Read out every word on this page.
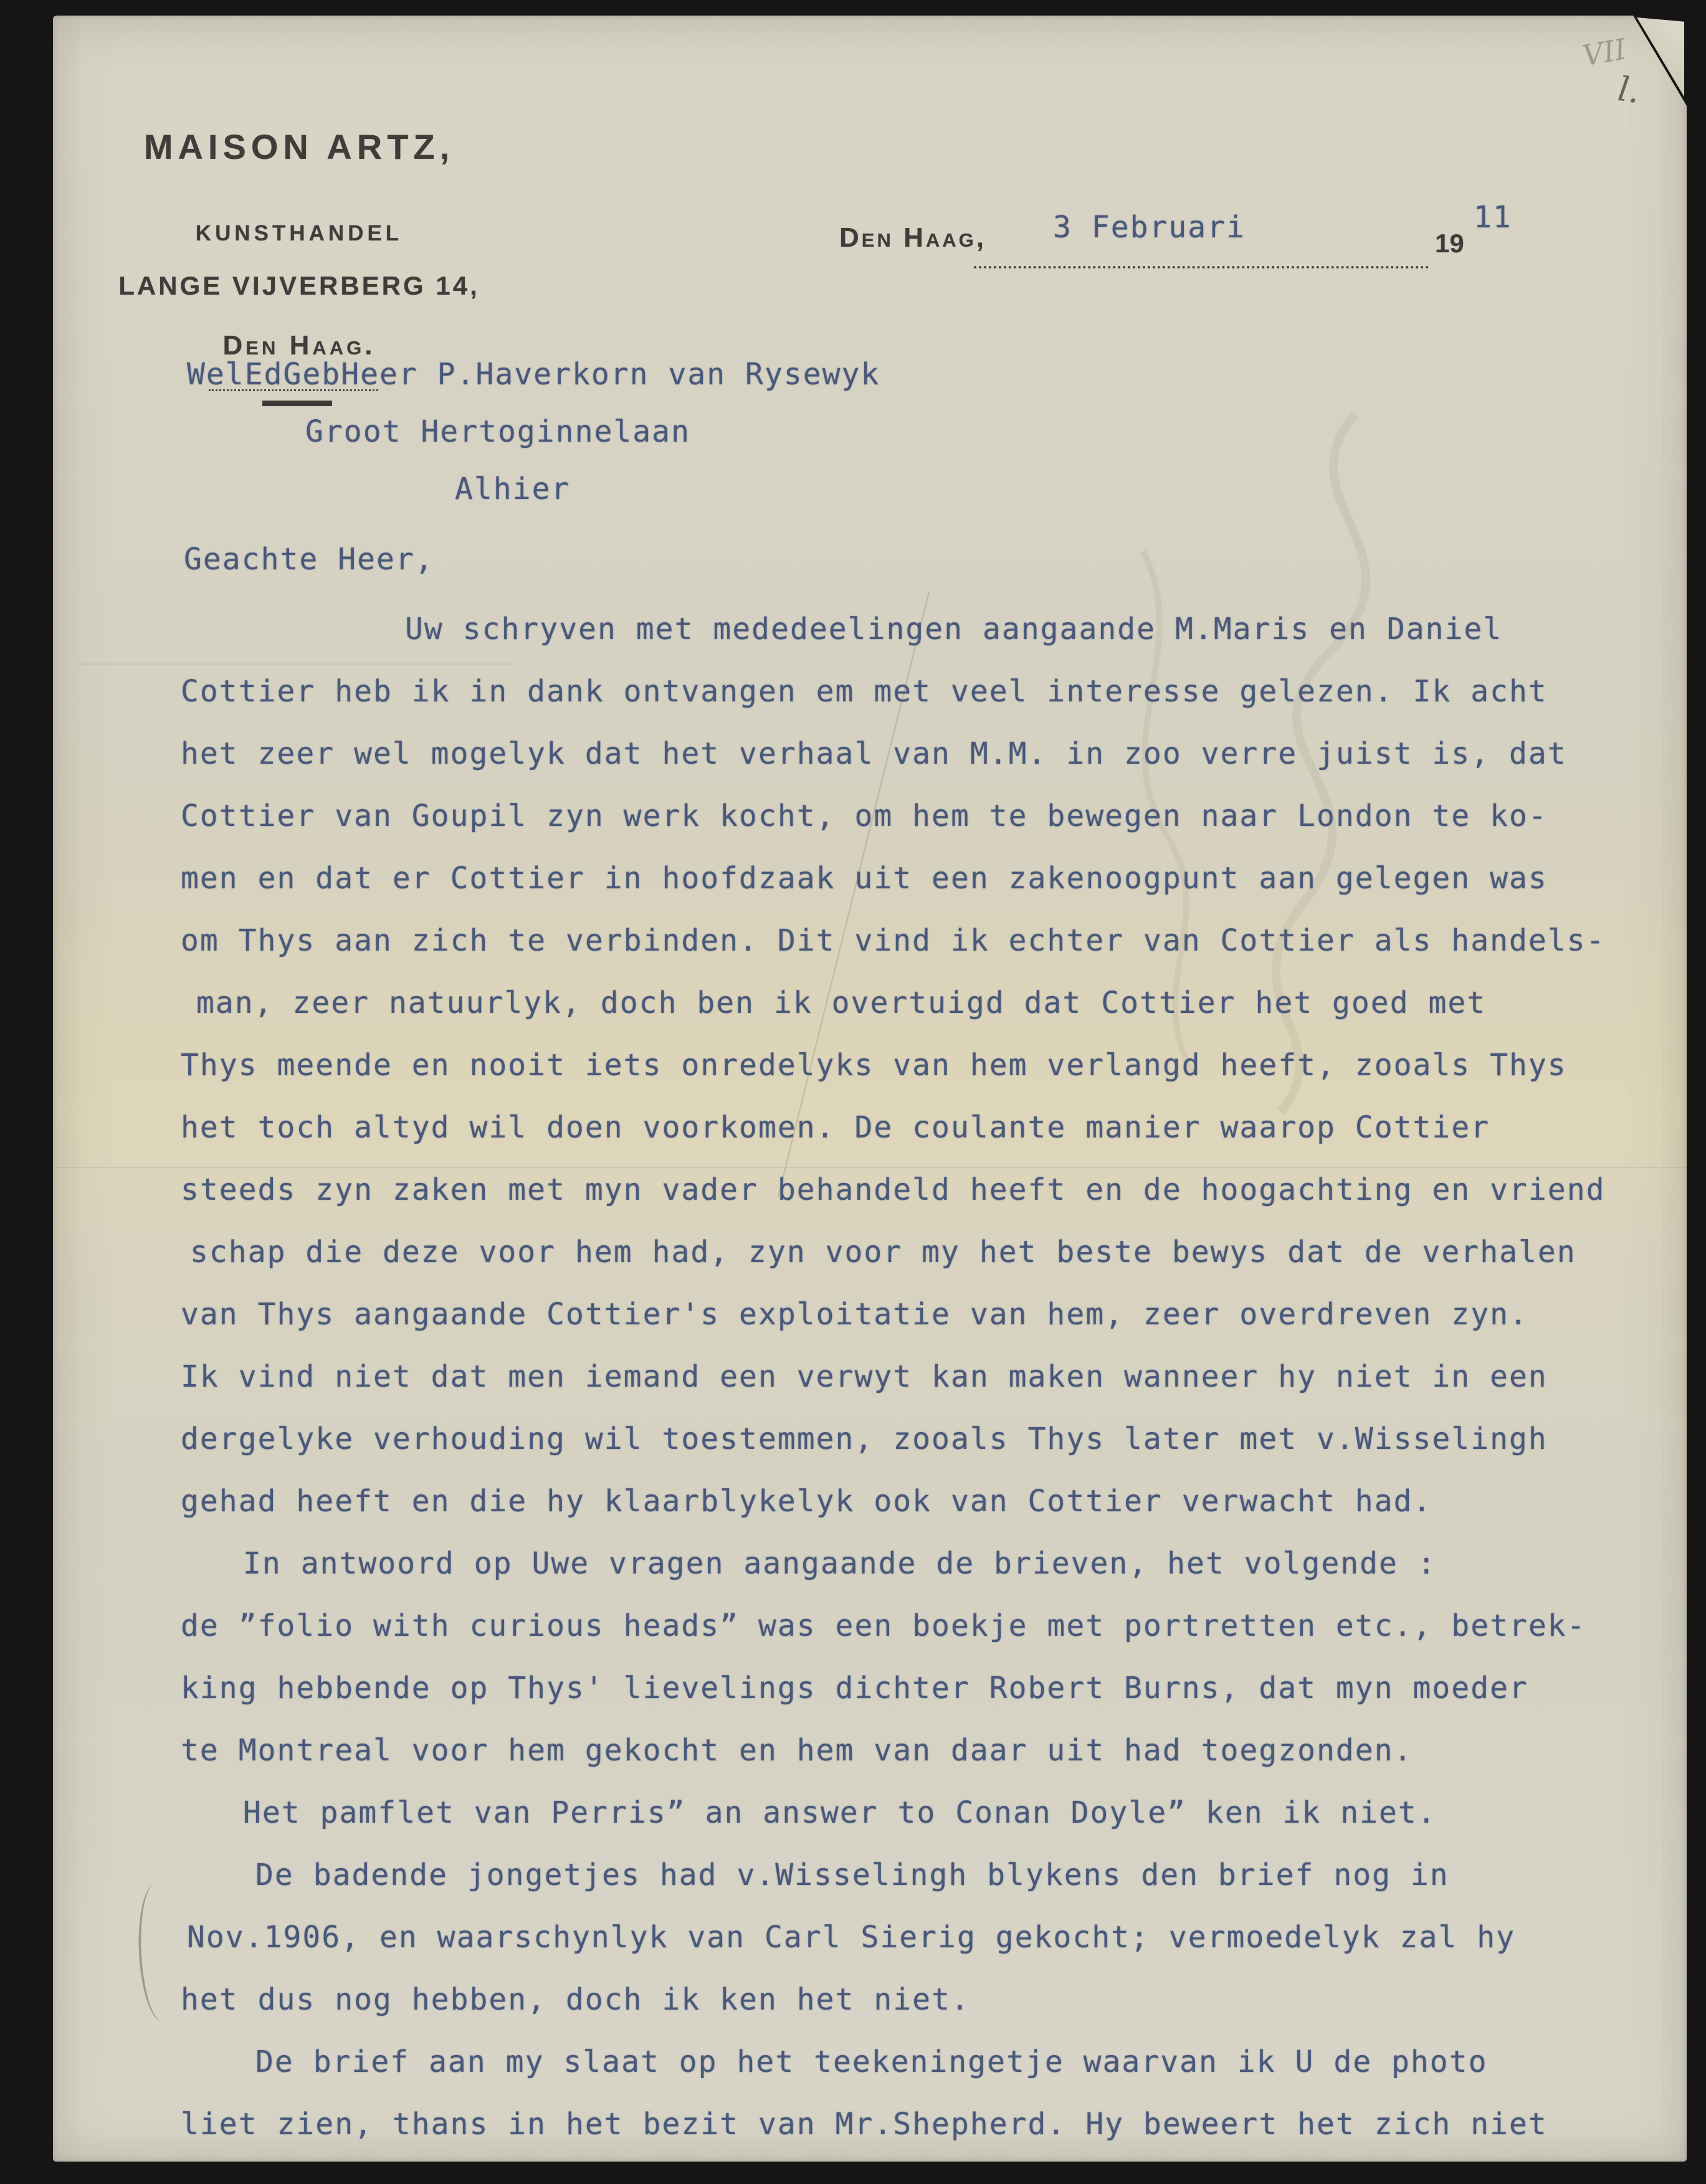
MAISON ARTZ,
KUNSTHANDEL
LANGE VIJVERBERG 14,
Den Haag.
Den Haag, 3 Februari	19
11
WelEdGebHeer P.Haverkorn van Rysewyk
Groot Hertoginnelaan
Alhier
Geachte Heer,
Uw schryven met mededeelingen aangaande M.Maris en Daniel
Cottier heb ik in dank ontvangen em met veel interesse gelezen. Ik acht
het zeer wel mogelyk dat het verhaal van M.M. in zoo verre juist is, dat
Cottier van Goupil zyn werk kocht, om hem te bewegen naar London te ko-
men en dat er Cottier in hoofdzaak uit een zakenoogpunt aan gelegen was
om Thys aan zich te verbinden. Dit vind ik echter van Cottier als handels-
man, zeer natuurlyk, doch ben ik overtuigd dat Cottier het goed met
Thys meende en nooit iets onredelyks van hem verlangd heeft, zooals Thys
het toch altyd wil doen voorkomen. De coulante manier waarop Cottier
steeds zyn zaken met myn vader behandeld heeft en de hoogachting en vriend
schap die deze voor hem had, zyn voor my het beste bewys dat de verhalen
van Thys aangaande Cottier's exploitatie van hem, zeer overdreven zyn.
Ik vind niet dat men iemand een verwyt kan maken wanneer hy niet in een
dergelyke verhouding wil toestemmen, zooals Thys later met v.Wisselingh
gehad heeft en die hy klaarblykelyk ook van Cottier verwacht had.
In antwoord op Uwe vragen aangaande de brieven, het volgende :
de ”folio with curious heads” was een boekje met portretten etc., betrek-
king hebbende op Thys' lievelings dichter Robert Burns, dat myn moeder
te Montreal voor hem gekocht en hem van daar uit had toegzonden.
Het pamflet van Perris” an answer to Conan Doyle” ken ik niet.
De badende jongetjes had v.Wisselingh blykens den brief nog in
Nov.1906, en waarschynlyk van Carl Sierig gekocht; vermoedelyk zal hy
het dus nog hebben, doch ik ken het niet.
De brief aan my slaat op het teekeningetje waarvan ik U de photo
liet zien, thans in het bezit van Mr.Shepherd. Hy beweert het zich niet
VII
l.
